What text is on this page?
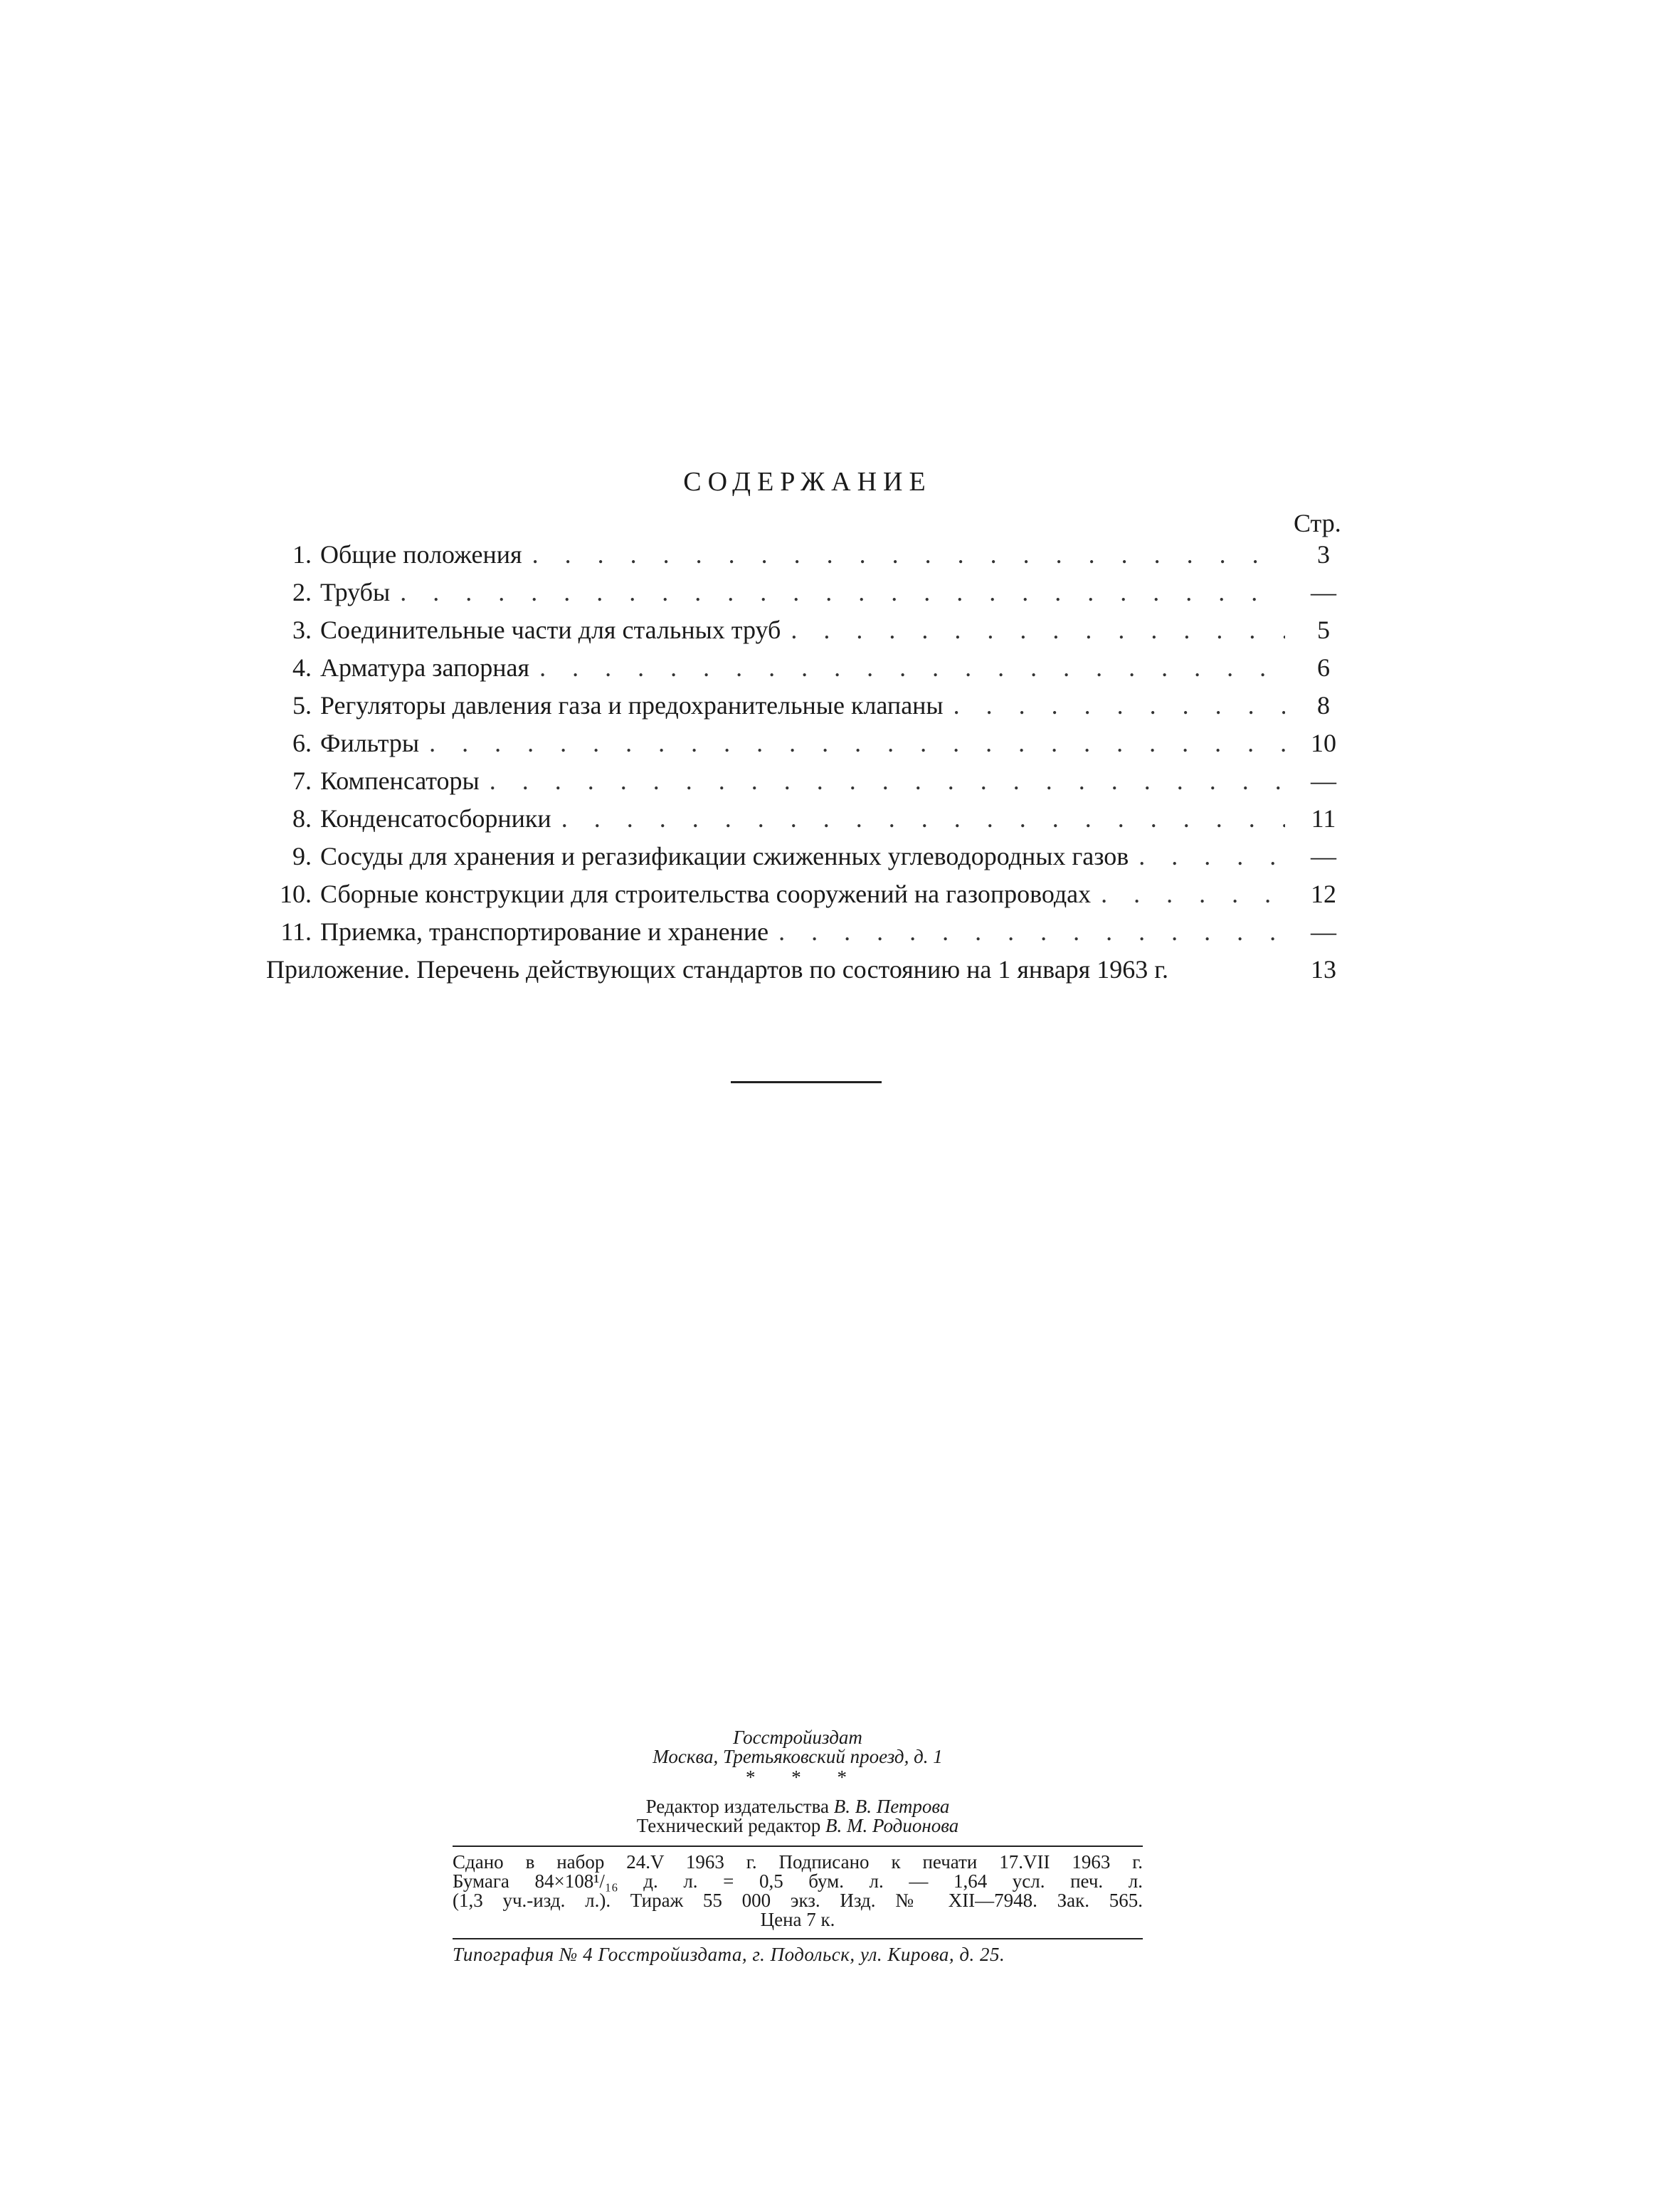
СОДЕРЖАНИЕ
Стр.
1. Общие положения . . .	3
2. Трубы . . .	—
3. Соединительные части для стальных труб . . .	5
4. Арматура запорная . . .	6
5. Регуляторы давления газа и предохранительные клапаны . . .	8
6. Фильтры . . .	10
7. Компенсаторы . . .	—
8. Конденсатосборники . . .	11
9. Сосуды для хранения и регазификации сжиженных углеводородных газов . . .	—
10. Сборные конструкции для строительства сооружений на газопроводах . . .	12
11. Приемка, транспортирование и хранение . . .	—
Приложение. Перечень действующих стандартов по состоянию на 1 января 1963 г.	13
Госстройиздат
Москва, Третьяковский проезд, д. 1
* * *
Редактор издательства В. В. Петрова
Технический редактор В. М. Родионова
Сдано в набор 24.V 1963 г. Подписано к печати 17.VII 1963 г.
Бумага 84×108¹/₁₆ д. л. = 0,5 бум. л. — 1,64 усл. печ. л.
(1,3 уч.-изд. л.). Тираж 55 000 экз. Изд. № XII—7948. Зак. 565.
Цена 7 к.
Типография № 4 Госстройиздата, г. Подольск, ул. Кирова, д. 25.
